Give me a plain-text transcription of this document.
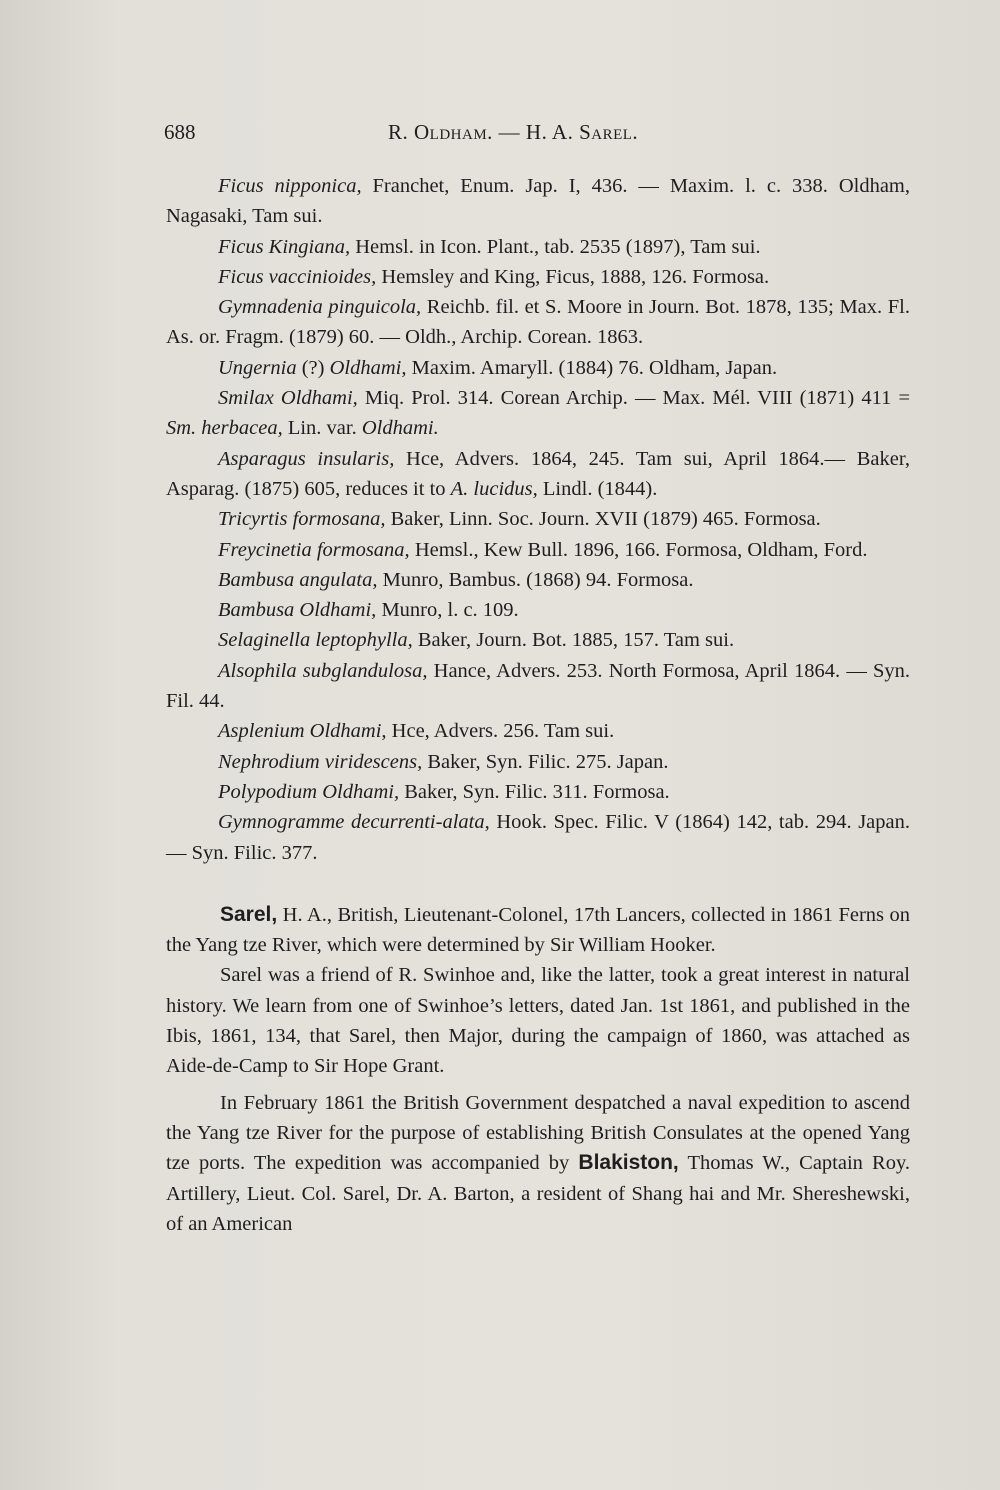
688	R. Oldham. — H. A. Sarel.

Ficus nipponica, Franchet, Enum. Jap. I, 436. — Maxim. l. c. 338. Oldham, Nagasaki, Tam sui.

Ficus Kingiana, Hemsl. in Icon. Plant., tab. 2535 (1897), Tam sui.

Ficus vaccinioides, Hemsley and King, Ficus, 1888, 126. Formosa.

Gymnadenia pinguicola, Reichb. fil. et S. Moore in Journ. Bot. 1878, 135; Max. Fl. As. or. Fragm. (1879) 60. — Oldh., Archip. Corean. 1863.

Ungernia (?) Oldhami, Maxim. Amaryll. (1884) 76. Oldham, Japan.

Smilax Oldhami, Miq. Prol. 314. Corean Archip. — Max. Mél. VIII (1871) 411 = Sm. herbacea, Lin. var. Oldhami.

Asparagus insularis, Hce, Advers. 1864, 245. Tam sui, April 1864.— Baker, Asparag. (1875) 605, reduces it to A. lucidus, Lindl. (1844).

Tricyrtis formosana, Baker, Linn. Soc. Journ. XVII (1879) 465. Formosa.

Freycinetia formosana, Hemsl., Kew Bull. 1896, 166. Formosa, Oldham, Ford.

Bambusa angulata, Munro, Bambus. (1868) 94. Formosa.

Bambusa Oldhami, Munro, l. c. 109.

Selaginella leptophylla, Baker, Journ. Bot. 1885, 157. Tam sui.

Alsophila subglandulosa, Hance, Advers. 253. North Formosa, April 1864. — Syn. Fil. 44.

Asplenium Oldhami, Hce, Advers. 256. Tam sui.

Nephrodium viridescens, Baker, Syn. Filic. 275. Japan.

Polypodium Oldhami, Baker, Syn. Filic. 311. Formosa.

Gymnogramme decurrenti-alata, Hook. Spec. Filic. V (1864) 142, tab. 294. Japan. — Syn. Filic. 377.

Sarel, H. A., British, Lieutenant-Colonel, 17th Lancers, collected in 1861 Ferns on the Yang tze River, which were determined by Sir William Hooker.

Sarel was a friend of R. Swinhoe and, like the latter, took a great interest in natural history. We learn from one of Swinhoe’s letters, dated Jan. 1st 1861, and published in the Ibis, 1861, 134, that Sarel, then Major, during the campaign of 1860, was attached as Aide-de-Camp to Sir Hope Grant.

In February 1861 the British Government despatched a naval expedition to ascend the Yang tze River for the purpose of establishing British Consulates at the opened Yang tze ports. The expedition was accompanied by Blakiston, Thomas W., Captain Roy. Artillery, Lieut. Col. Sarel, Dr. A. Barton, a resident of Shang hai and Mr. Shereshewski, of an American
